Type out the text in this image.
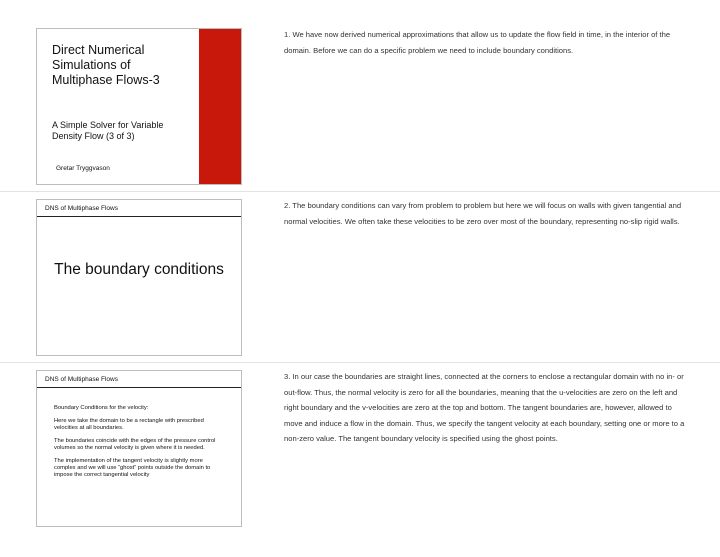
Direct Numerical Simulations of Multiphase Flows-3
A Simple Solver for Variable Density Flow (3 of 3)
Gretar Tryggvason
1. We have now derived numerical approximations that allow us to update the flow field in time, in the interior of the domain. Before we can do a specific problem we need to include boundary conditions.
DNS of Multiphase Flows
The boundary conditions
2. The boundary conditions can vary from problem to problem but here we will focus on walls with given tangential and normal velocities. We often take these velocities to be zero over most of the boundary, representing no-slip rigid walls.
DNS of Multiphase Flows

Boundary Conditions for the velocity:

Here we take the domain to be a rectangle with prescribed velocities at all boundaries.

The boundaries coincide with the edges of the pressure control volumes so the normal velocity is given where it is needed.

The implementation of the tangent velocity is slightly more complex and we will use “ghost” points outside the domain to impose the correct tangential velocity

3. In our case the boundaries are straight lines, connected at the corners to enclose a rectangular domain with no in- or out-flow. Thus, the normal velocity is zero for all the boundaries, meaning that the u-velocities are zero on the left and right boundary and the v-velocities are zero at the top and bottom. The tangent boundaries are, however, allowed to move and induce a flow in the domain. Thus, we specify the tangent velocity at each boundary, setting one or more to a non-zero value. The tangent boundary velocity is specified using the ghost points.
